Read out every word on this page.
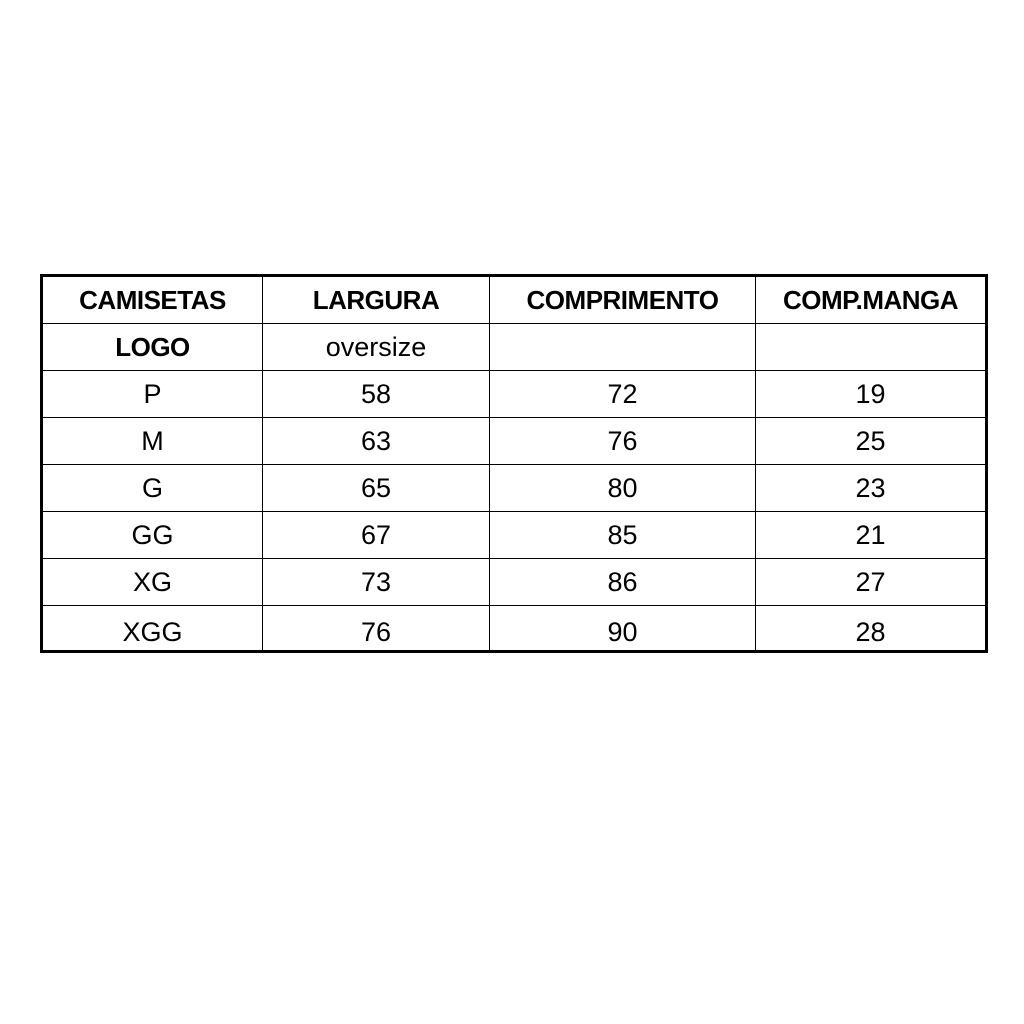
CAMISETAS	LARGURA	COMPRIMENTO	COMP.MANGA
LOGO	oversize		
P	58	72	19
M	63	76	25
G	65	80	23
GG	67	85	21
XG	73	86	27
XGG	76	90	28
